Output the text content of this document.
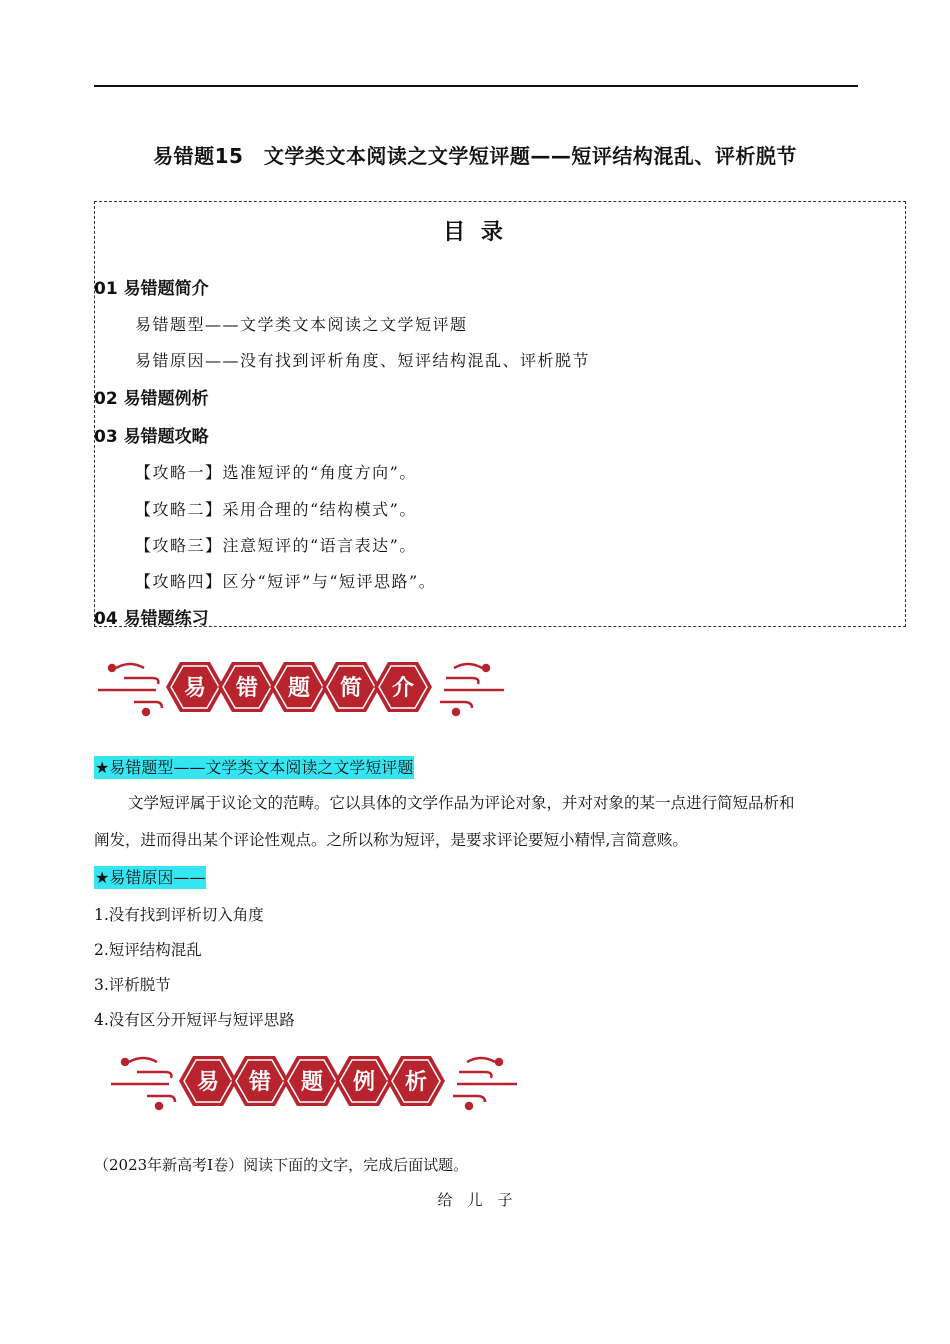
易错题15　文学类文本阅读之文学短评题——短评结构混乱、评析脱节
目 录
01 易错题简介
易错题型——文学类文本阅读之文学短评题
易错原因——没有找到评析角度、短评结构混乱、评析脱节
02 易错题例析
03 易错题攻略
【攻略一】选准短评的“角度方向”。
【攻略二】采用合理的“结构模式”。
【攻略三】注意短评的“语言表达”。
【攻略四】区分“短评”与“短评思路”。
04 易错题练习
易 错 题 简 介
★易错题型——文学类文本阅读之文学短评题
文学短评属于议论文的范畴。它以具体的文学作品为评论对象，并对对象的某一点进行简短品析和
阐发，进而得出某个评论性观点。之所以称为短评，是要求评论要短小精悍,言简意赅。
★易错原因——
1.没有找到评析切入角度
2.短评结构混乱
3.评析脱节
4.没有区分开短评与短评思路
易 错 题 例 析
（2023年新高考Ⅰ卷）阅读下面的文字，完成后面试题。
给　儿　子
